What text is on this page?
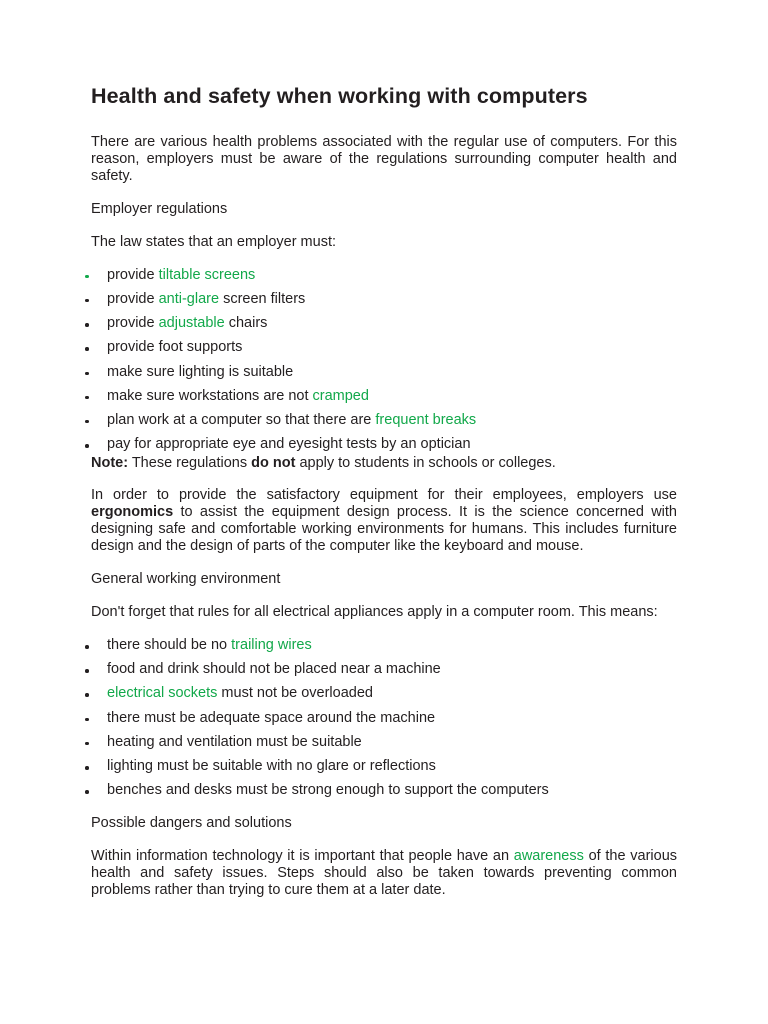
Health and safety when working with computers

There are various health problems associated with the regular use of computers. For this reason, employers must be aware of the regulations surrounding computer health and safety.

Employer regulations

The law states that an employer must:

provide tiltable screens
provide anti-glare screen filters
provide adjustable chairs
provide foot supports
make sure lighting is suitable
make sure workstations are not cramped
plan work at a computer so that there are frequent breaks
pay for appropriate eye and eyesight tests by an optician

Note: These regulations do not apply to students in schools or colleges.

In order to provide the satisfactory equipment for their employees, employers use ergonomics to assist the equipment design process. It is the science concerned with designing safe and comfortable working environments for humans. This includes furniture design and the design of parts of the computer like the keyboard and mouse.

General working environment

Don't forget that rules for all electrical appliances apply in a computer room. This means:

there should be no trailing wires
food and drink should not be placed near a machine
electrical sockets must not be overloaded
there must be adequate space around the machine
heating and ventilation must be suitable
lighting must be suitable with no glare or reflections
benches and desks must be strong enough to support the computers

Possible dangers and solutions

Within information technology it is important that people have an awareness of the various health and safety issues. Steps should also be taken towards preventing common problems rather than trying to cure them at a later date.
